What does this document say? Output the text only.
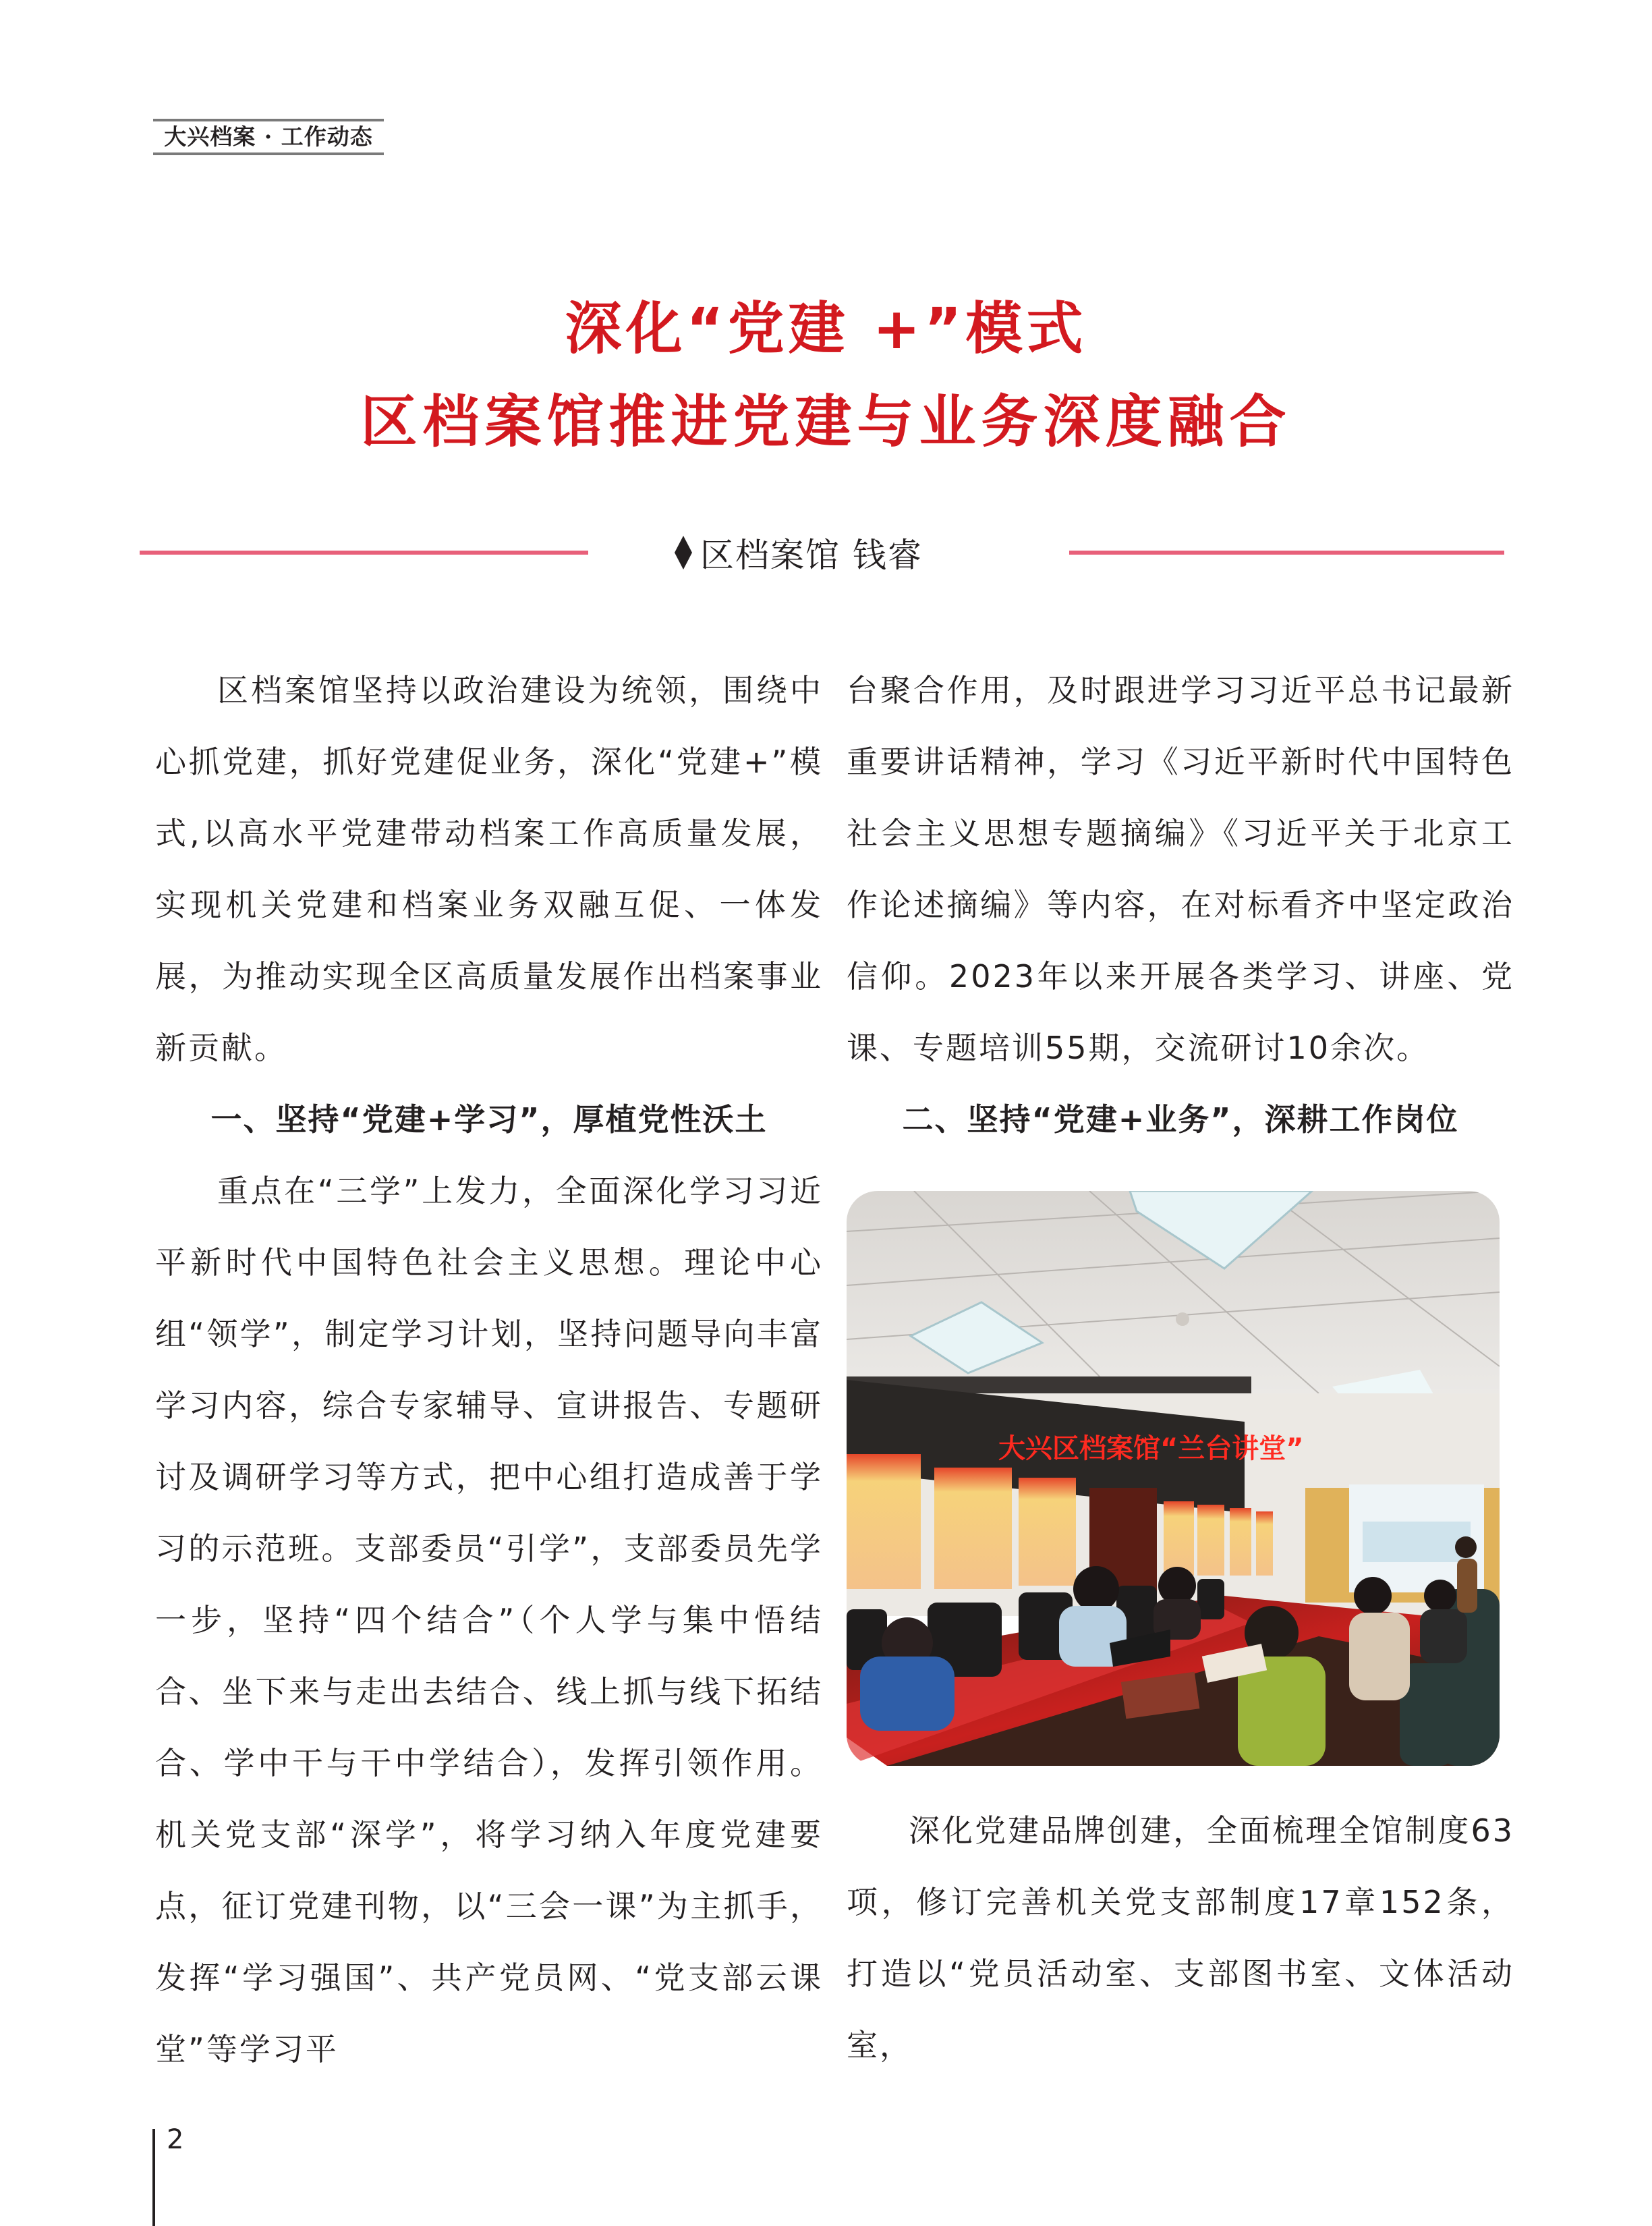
大兴档案 · 工作动态
深化“党建 +”模式
区档案馆推进党建与业务深度融合
区档案馆 钱睿

区档案馆坚持以政治建设为统领，围绕中心抓党建，抓好党建促业务，深化“党建+”模式,以高水平党建带动档案工作高质量发展，实现机关党建和档案业务双融互促、一体发展，为推动实现全区高质量发展作出档案事业新贡献。

一、坚持“党建+学习”，厚植党性沃土

重点在“三学”上发力，全面深化学习习近平新时代中国特色社会主义思想。理论中心组“领学”，制定学习计划，坚持问题导向丰富学习内容，综合专家辅导、宣讲报告、专题研讨及调研学习等方式，把中心组打造成善于学习的示范班。支部委员“引学”，支部委员先学一步，坚持“四个结合”（个人学与集中悟结合、坐下来与走出去结合、线上抓与线下拓结合、学中干与干中学结合），发挥引领作用。机关党支部“深学”，将学习纳入年度党建要点，征订党建刊物，以“三会一课”为主抓手，发挥“学习强国”、共产党员网、“党支部云课堂”等学习平

台聚合作用，及时跟进学习习近平总书记最新重要讲话精神，学习《习近平新时代中国特色社会主义思想专题摘编》《习近平关于北京工作论述摘编》等内容，在对标看齐中坚定政治信仰。2023年以来开展各类学习、讲座、党课、专题培训55期，交流研讨10余次。

二、坚持“党建+业务”，深耕工作岗位
大兴区档案馆“兰台讲堂”

深化党建品牌创建，全面梳理全馆制度63项，修订完善机关党支部制度17章152条，打造以“党员活动室、支部图书室、文体活动室，

2
